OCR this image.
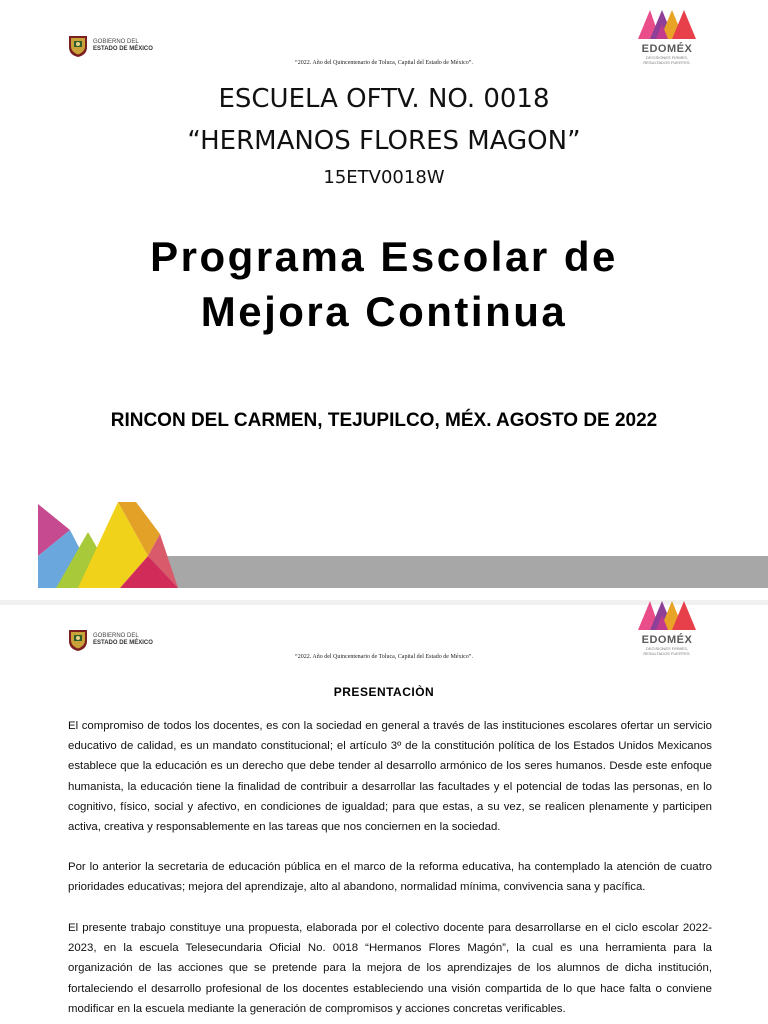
GOBIERNO DEL
ESTADO DE MÉXICO
“2022. Año del Quincentenario de Toluca, Capital del Estado de México”.
EDOMÉX
DECISIONES FIRMES,
RESULTADOS FUERTES.
ESCUELA OFTV. NO. 0018
“HERMANOS FLORES MAGON”
15ETV0018W
Programa Escolar de
Mejora Continua
RINCON DEL CARMEN, TEJUPILCO, MÉX. AGOSTO DE 2022
GOBIERNO DEL
ESTADO DE MÉXICO
“2022. Año del Quincentenario de Toluca, Capital del Estado de México”.
EDOMÉX
DECISIONES FIRMES,
RESULTADOS FUERTES.
PRESENTACIÒN

El compromiso de todos los docentes, es con la sociedad en general a través de las instituciones escolares ofertar un servicio educativo de calidad, es un mandato constitucional; el artículo 3º de la constitución política de los Estados Unidos Mexicanos establece que la educación es un derecho que debe tender al desarrollo armónico de los seres humanos. Desde este enfoque humanista, la educación tiene la finalidad de contribuir a desarrollar las facultades y el potencial de todas las personas, en lo cognitivo, físico, social y afectivo, en condiciones de igualdad; para que estas, a su vez, se realicen plenamente y participen activa, creativa y responsablemente en las tareas que nos conciernen en la sociedad.

Por lo anterior la secretaria de educación pública en el marco de la reforma educativa, ha contemplado la atención de cuatro prioridades educativas; mejora del aprendizaje, alto al abandono, normalidad mínima, convivencia sana y pacífica.

El presente trabajo constituye una propuesta, elaborada por el colectivo docente para desarrollarse en el ciclo escolar 2022-2023, en la escuela Telesecundaria Oficial No. 0018 “Hermanos Flores Magón”, la cual es una herramienta para la organización de las acciones que se pretende para la mejora de los aprendizajes de los alumnos de dicha institución, fortaleciendo el desarrollo profesional de los docentes estableciendo una visión compartida de lo que hace falta o conviene modificar en la escuela mediante la generación de compromisos y acciones concretas verificables.
